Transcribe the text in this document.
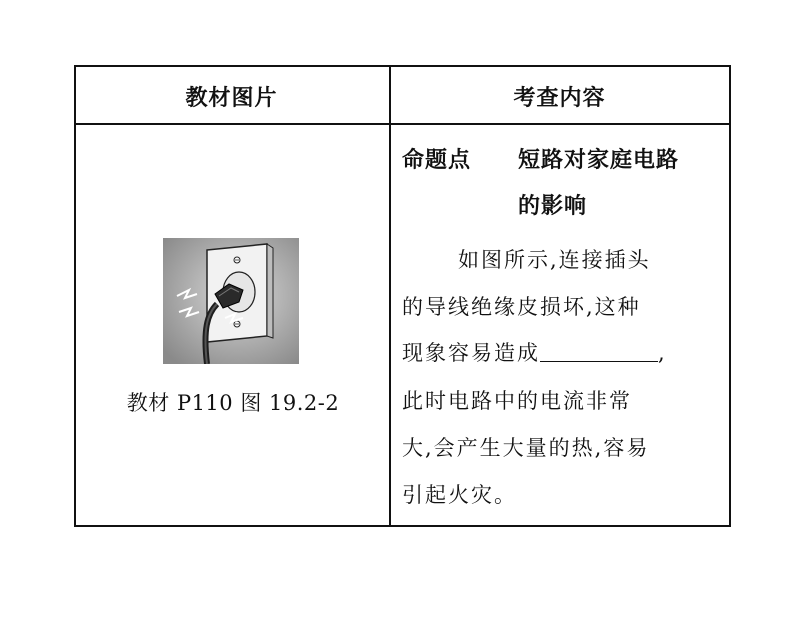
教材图片	考查内容
教材 P110 图 19.2-2
命题点 短路对家庭电路
的影响
如图所示,连接插头
的导线绝缘皮损坏,这种
现象容易造成	,
此时电路中的电流非常
大,会产生大量的热,容易
引起火灾。
